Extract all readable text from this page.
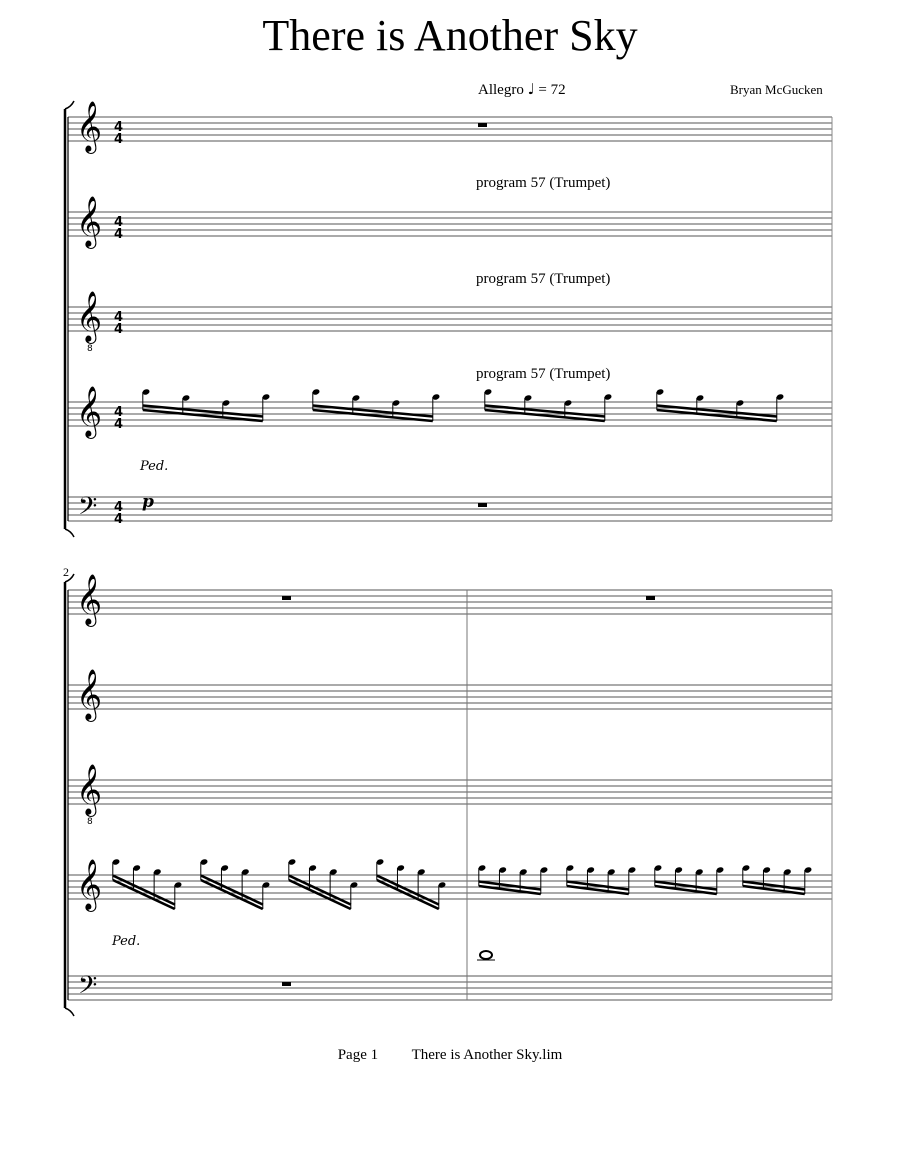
There is Another Sky
Allegro ♩ = 72	Bryan McGucken
program 57 (Trumpet)
program 57 (Trumpet)
program 57 (Trumpet)
2
Page 1 There is Another Sky.lim
𝄞 4
4
𝄞 4
4
𝄞 4
4
8
𝄞 4
4
𝄢 4
4
p
Ped.
𝄞
𝄞
𝄞
8
𝄞
𝄢
Ped.
